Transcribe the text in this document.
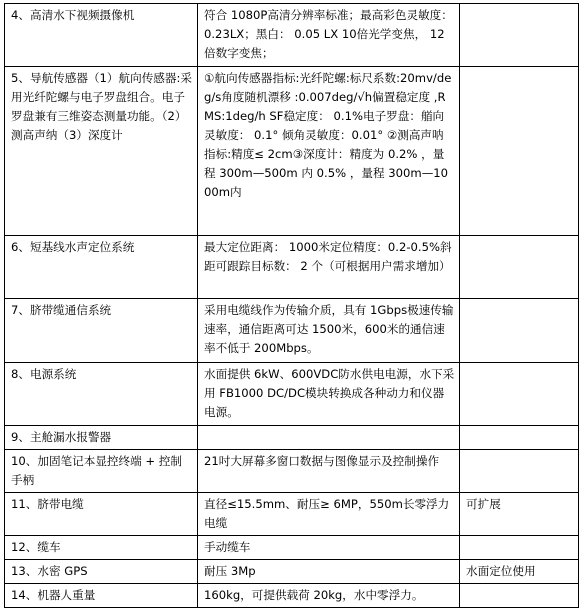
4、高清水下视频摄像机	符合 1080P高清分辨率标准；最高彩色灵敏度： 0.23LX；黑白： 0.05 LX 10倍光学变焦， 12倍数字变焦；	
5、导航传感器（1）航向传感器:采用光纤陀螺与电子罗盘组合。电子罗盘兼有三维姿态测量功能。（2）测高声纳（3）深度计	①航向传感器指标:光纤陀螺:标尺系数:20mv/deg/s角度随机漂移 :0.007deg/√h偏置稳定度 ,RMS:1deg/h SF稳定度： 0.1%电子罗盘：艏向灵敏度： 0.1° 倾角灵敏度：0.01° ②测高声呐指标:精度≤ 2cm③深度计：精度为 0.2% ，量程 300m—500m 内 0.5% ，量程 300m—1000m内	
6、短基线水声定位系统	最大定位距离： 1000米定位精度：0.2-0.5%斜距可跟踪目标数： 2 个（可根据用户需求增加）	
7、脐带缆通信系统	采用电缆线作为传输介质，具有 1Gbps极速传输速率，通信距离可达 1500米，600米的通信速率不低于 200Mbps。	
8、电源系统	水面提供 6kW、600VDC防水供电电源，水下采用 FB1000 DC/DC模块转换成各种动力和仪器电源。	
9、主舱漏水报警器		
10、加固笔记本显控终端 + 控制手柄	21吋大屏幕多窗口数据与图像显示及控制操作	
11、脐带电缆	直径≤15.5mm、耐压≥ 6MP，550m长零浮力电缆	可扩展
12、缆车	手动缆车	
13、水密 GPS	耐压 3Mp	水面定位使用
14、机器人重量	160kg，可提供载荷 20kg，水中零浮力。	
